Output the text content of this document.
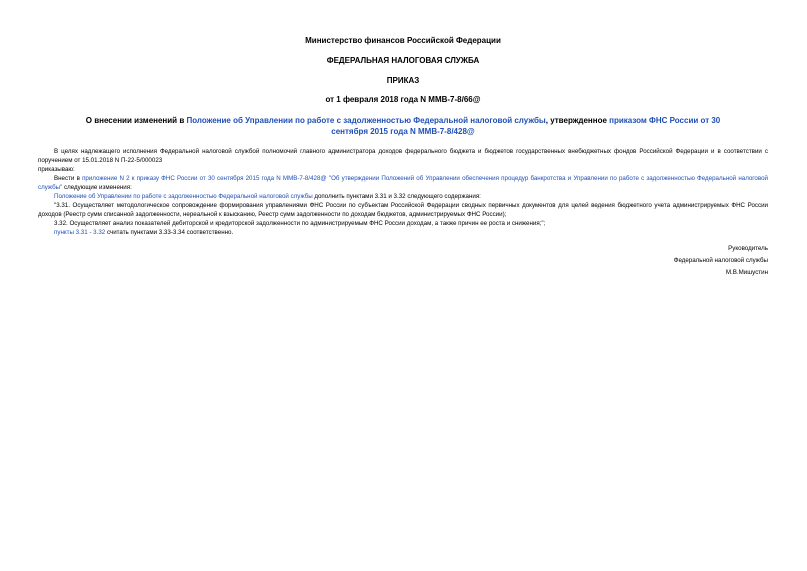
Министерство финансов Российской Федерации
ФЕДЕРАЛЬНАЯ НАЛОГОВАЯ СЛУЖБА
ПРИКАЗ
от 1 февраля 2018 года N ММВ-7-8/66@
О внесении изменений в Положение об Управлении по работе с задолженностью Федеральной налоговой службы, утвержденное приказом ФНС России от 30 сентября 2015 года N ММВ-7-8/428@

В целях надлежащего исполнения Федеральной налоговой службой полномочий главного администратора доходов федерального бюджета и бюджетов государственных внебюджетных фондов Российской Федерации и в соответствии с поручением от 15.01.2018 N П-22-5/000023

приказываю:

Внести в приложение N 2 к приказу ФНС России от 30 сентября 2015 года N ММВ-7-8/428@ "Об утверждении Положений об Управлении обеспечения процедур банкротства и Управлении по работе с задолженностью Федеральной налоговой службы" следующие изменения:

Положение об Управлении по работе с задолженностью Федеральной налоговой службы дополнить пунктами 3.31 и 3.32 следующего содержания:

"3.31. Осуществляет методологическое сопровождение формирования управлениями ФНС России по субъектам Российской Федерации сводных первичных документов для целей ведения бюджетного учета администрируемых ФНС России доходов (Реестр сумм списанной задолженности, нереальной к взысканию, Реестр сумм задолженности по доходам бюджетов, администрируемых ФНС России);

3.32. Осуществляет анализ показателей дебиторской и кредиторской задолженности по администрируемым ФНС России доходам, а также причин ее роста и снижения;";

пункты 3.31 - 3.32 считать пунктами 3.33-3.34 соответственно.

Руководитель
Федеральной налоговой службы
М.В.Мишустин
